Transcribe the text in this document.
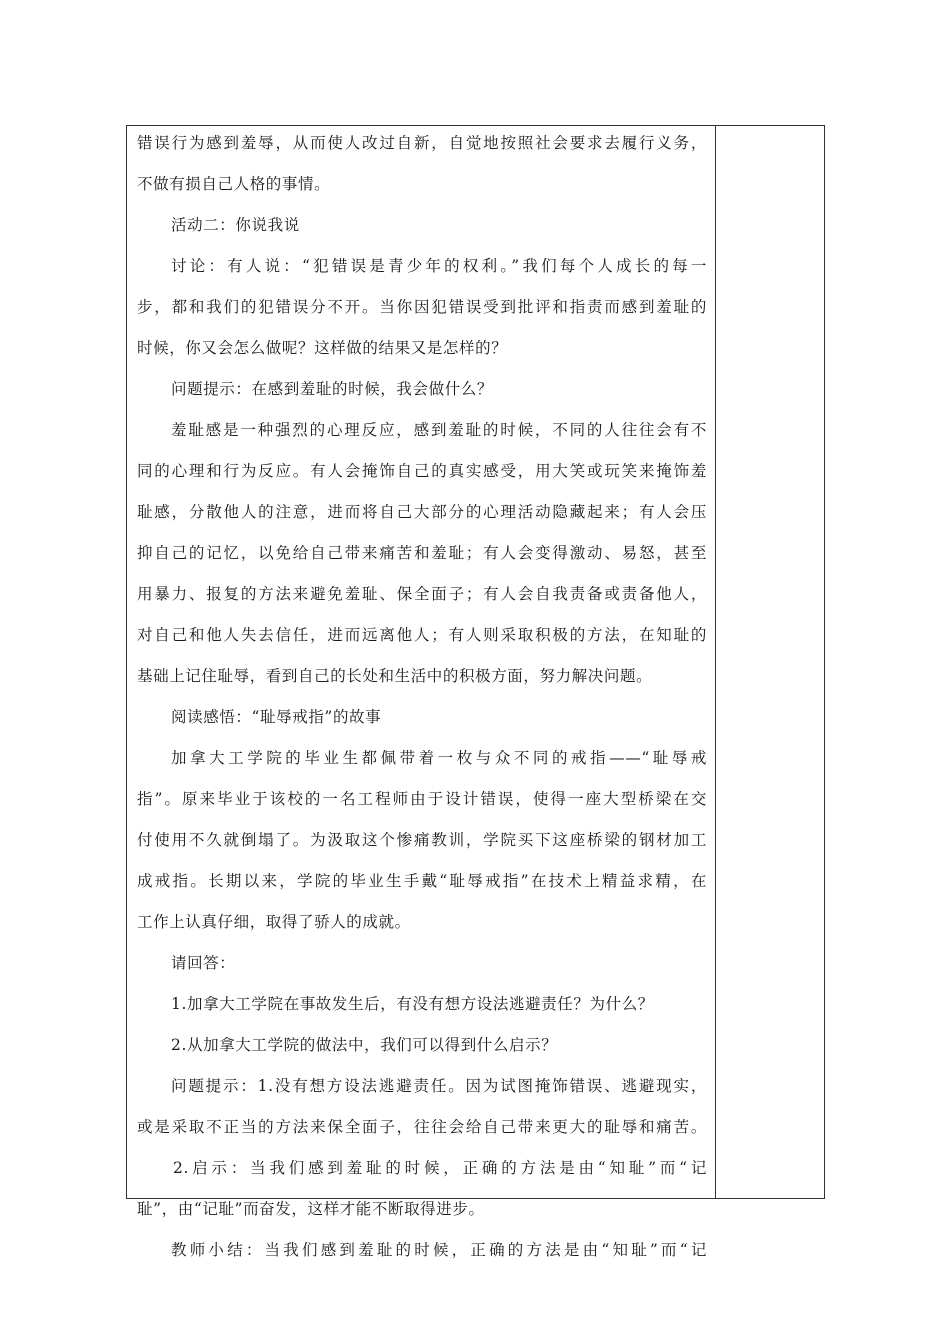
错误行为感到羞辱，从而使人改过自新，自觉地按照社会要求去履行义务，
不做有损自己人格的事情。
活动二：你说我说
讨论：有人说：“犯错误是青少年的权利。”我们每个人成长的每一
步，都和我们的犯错误分不开。当你因犯错误受到批评和指责而感到羞耻的
时候，你又会怎么做呢？这样做的结果又是怎样的？
问题提示：在感到羞耻的时候，我会做什么？
羞耻感是一种强烈的心理反应，感到羞耻的时候，不同的人往往会有不
同的心理和行为反应。有人会掩饰自己的真实感受，用大笑或玩笑来掩饰羞
耻感，分散他人的注意，进而将自己大部分的心理活动隐藏起来；有人会压
抑自己的记忆，以免给自己带来痛苦和羞耻；有人会变得激动、易怒，甚至
用暴力、报复的方法来避免羞耻、保全面子；有人会自我责备或责备他人，
对自己和他人失去信任，进而远离他人；有人则采取积极的方法，在知耻的
基础上记住耻辱，看到自己的长处和生活中的积极方面，努力解决问题。
阅读感悟：“耻辱戒指”的故事
加拿大工学院的毕业生都佩带着一枚与众不同的戒指——“耻辱戒
指”。原来毕业于该校的一名工程师由于设计错误，使得一座大型桥梁在交
付使用不久就倒塌了。为汲取这个惨痛教训，学院买下这座桥梁的钢材加工
成戒指。长期以来，学院的毕业生手戴“耻辱戒指”在技术上精益求精，在
工作上认真仔细，取得了骄人的成就。
请回答：
1.加拿大工学院在事故发生后，有没有想方设法逃避责任？为什么？
2.从加拿大工学院的做法中，我们可以得到什么启示？
问题提示：1.没有想方设法逃避责任。因为试图掩饰错误、逃避现实，
或是采取不正当的方法来保全面子，往往会给自己带来更大的耻辱和痛苦。
2.启示：当我们感到羞耻的时候，正确的方法是由“知耻”而“记
耻”，由“记耻”而奋发，这样才能不断取得进步。
教师小结：当我们感到羞耻的时候，正确的方法是由“知耻”而“记
